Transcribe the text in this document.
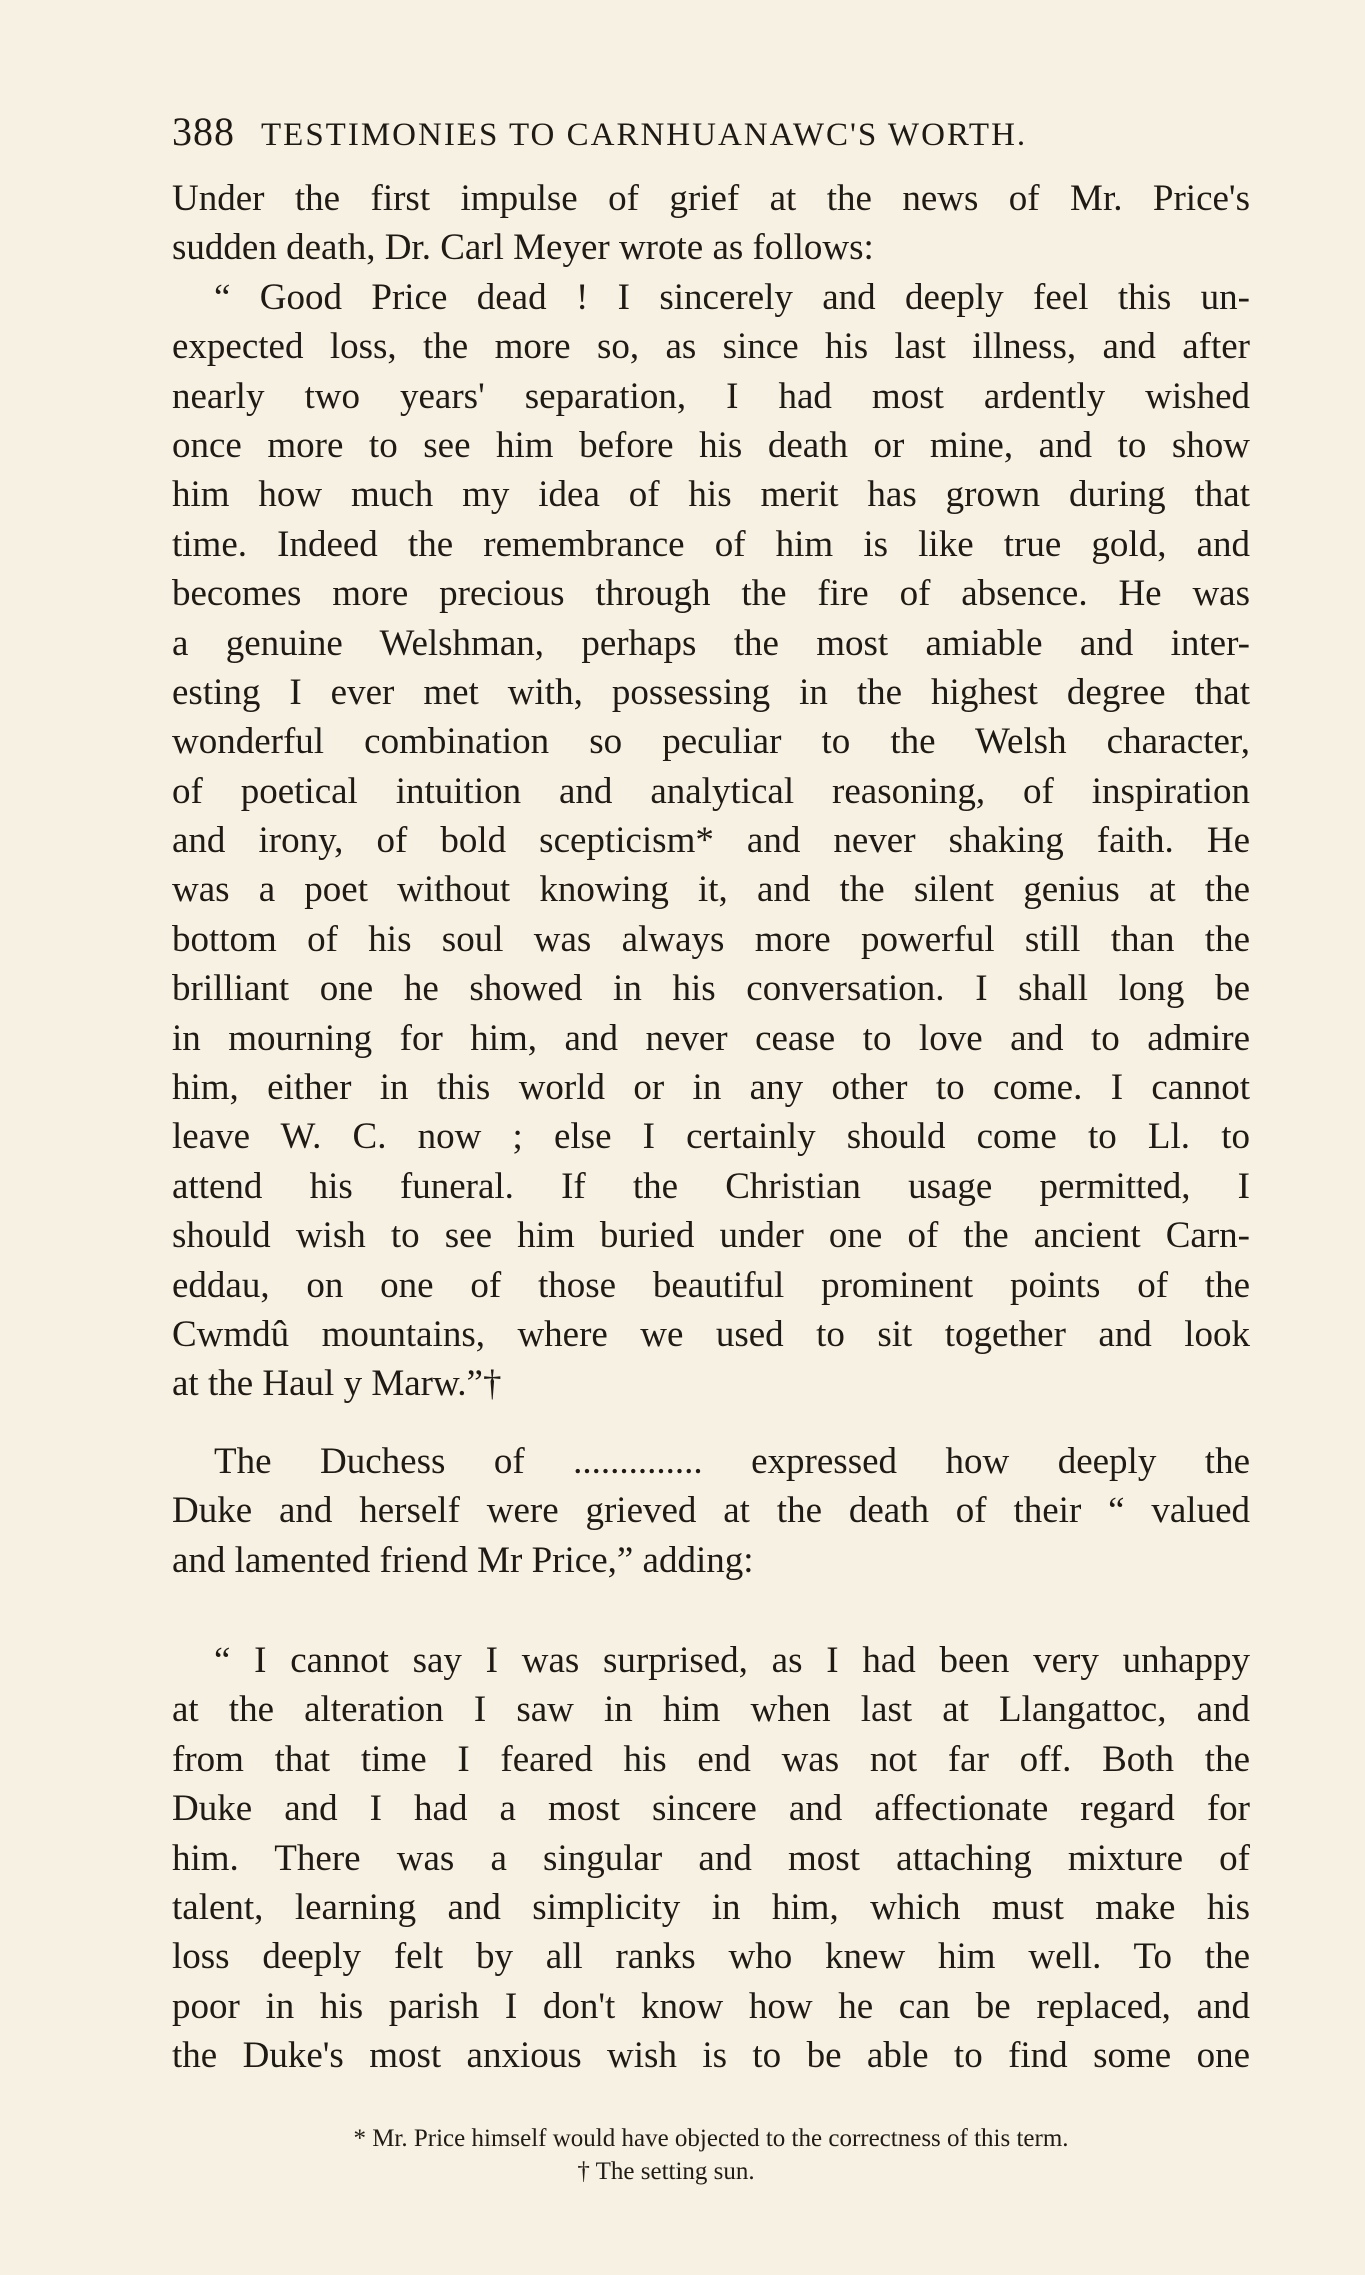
388 TESTIMONIES TO CARNHUANAWC'S WORTH.
Under the first impulse of grief at the news of Mr. Price's
sudden death, Dr. Carl Meyer wrote as follows:
“ Good Price dead ! I sincerely and deeply feel this un-
expected loss, the more so, as since his last illness, and after
nearly two years' separation, I had most ardently wished
once more to see him before his death or mine, and to show
him how much my idea of his merit has grown during that
time. Indeed the remembrance of him is like true gold, and
becomes more precious through the fire of absence. He was
a genuine Welshman, perhaps the most amiable and inter-
esting I ever met with, possessing in the highest degree that
wonderful combination so peculiar to the Welsh character,
of poetical intuition and analytical reasoning, of inspiration
and irony, of bold scepticism* and never shaking faith. He
was a poet without knowing it, and the silent genius at the
bottom of his soul was always more powerful still than the
brilliant one he showed in his conversation. I shall long be
in mourning for him, and never cease to love and to admire
him, either in this world or in any other to come. I cannot
leave W. C. now ; else I certainly should come to Ll. to
attend his funeral. If the Christian usage permitted, I
should wish to see him buried under one of the ancient Carn-
eddau, on one of those beautiful prominent points of the
Cwmdû mountains, where we used to sit together and look
at the Haul y Marw.”†
The Duchess of .............. expressed how deeply the
Duke and herself were grieved at the death of their “ valued
and lamented friend Mr Price,” adding:
“ I cannot say I was surprised, as I had been very unhappy
at the alteration I saw in him when last at Llangattoc, and
from that time I feared his end was not far off. Both the
Duke and I had a most sincere and affectionate regard for
him. There was a singular and most attaching mixture of
talent, learning and simplicity in him, which must make his
loss deeply felt by all ranks who knew him well. To the
poor in his parish I don't know how he can be replaced, and
the Duke's most anxious wish is to be able to find some one
* Mr. Price himself would have objected to the correctness of this term.
† The setting sun.
